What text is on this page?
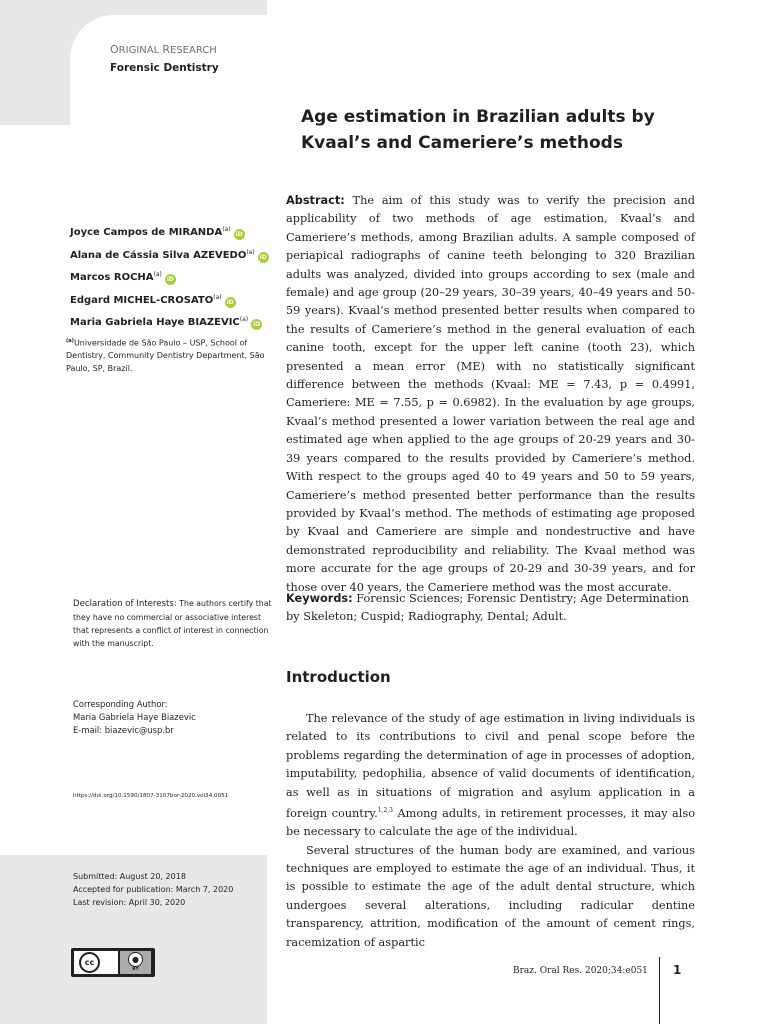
ORIGINAL RESEARCH
Forensic Dentistry
Age estimation in Brazilian adults by
Kvaal’s and Cameriere’s methods
Joyce Campos de MIRANDA$^{(a)}$iD
Alana de Cássia Silva AZEVEDO$^{(a)}$iD
Marcos ROCHA$^{(a)}$iD
Edgard MICHEL-CROSATO$^{(a)}$iD
Maria Gabriela Haye BIAZEVIC$^{(a)}$iD
$^{(a)}$Universidade de São Paulo – USP, School of Dentistry, Community Dentistry Department, São Paulo, SP, Brazil.
Declaration of Interests: The authors certify that they have no commercial or associative interest that represents a conflict of interest in connection with the manuscript.
Corresponding Author:
Maria Gabriela Haye Biazevic
E-mail: biazevic@usp.br
https://doi.org/10.1590/1807-3107bor-2020.vol34.0051
Submitted: August 20, 2018
Accepted for publication: March 7, 2020
Last revision: April 30, 2020
cc	●
BY

Abstract: The aim of this study was to verify the precision and applicability of two methods of age estimation, Kvaal’s and Cameriere’s methods, among Brazilian adults. A sample composed of periapical radiographs of canine teeth belonging to 320 Brazilian adults was analyzed, divided into groups according to sex (male and female) and age group (20–29 years, 30–39 years, 40–49 years and 50-59 years). Kvaal’s method presented better results when compared to the results of Cameriere’s method in the general evaluation of each canine tooth, except for the upper left canine (tooth 23), which presented a mean error (ME) with no statistically significant difference between the methods (Kvaal: ME = 7.43, p = 0.4991, Cameriere: ME = 7.55, p = 0.6982). In the evaluation by age groups, Kvaal’s method presented a lower variation between the real age and estimated age when applied to the age groups of 20-29 years and 30-39 years compared to the results provided by Cameriere’s method. With respect to the groups aged 40 to 49 years and 50 to 59 years, Cameriere’s method presented better performance than the results provided by Kvaal’s method. The methods of estimating age proposed by Kvaal and Cameriere are simple and nondestructive and have demonstrated reproducibility and reliability. The Kvaal method was more accurate for the age groups of 20-29 and 30-39 years, and for those over 40 years, the Cameriere method was the most accurate.

Keywords: Forensic Sciences; Forensic Dentistry; Age Determination by Skeleton; Cuspid; Radiography, Dental; Adult.

Introduction

The relevance of the study of age estimation in living individuals is related to its contributions to civil and penal scope before the problems regarding the determination of age in processes of adoption, imputability, pedophilia, absence of valid documents of identification, as well as in situations of migration and asylum application in a foreign country.$^{1,2,3}$ Among adults, in retirement processes, it may also be necessary to calculate the age of the individual.

Several structures of the human body are examined, and various techniques are employed to estimate the age of an individual. Thus, it is possible to estimate the age of the adult dental structure, which undergoes several alterations, including radicular dentine transparency, attrition, modification of the amount of cement rings, racemization of aspartic

Braz. Oral Res. 2020;34:e051 1
